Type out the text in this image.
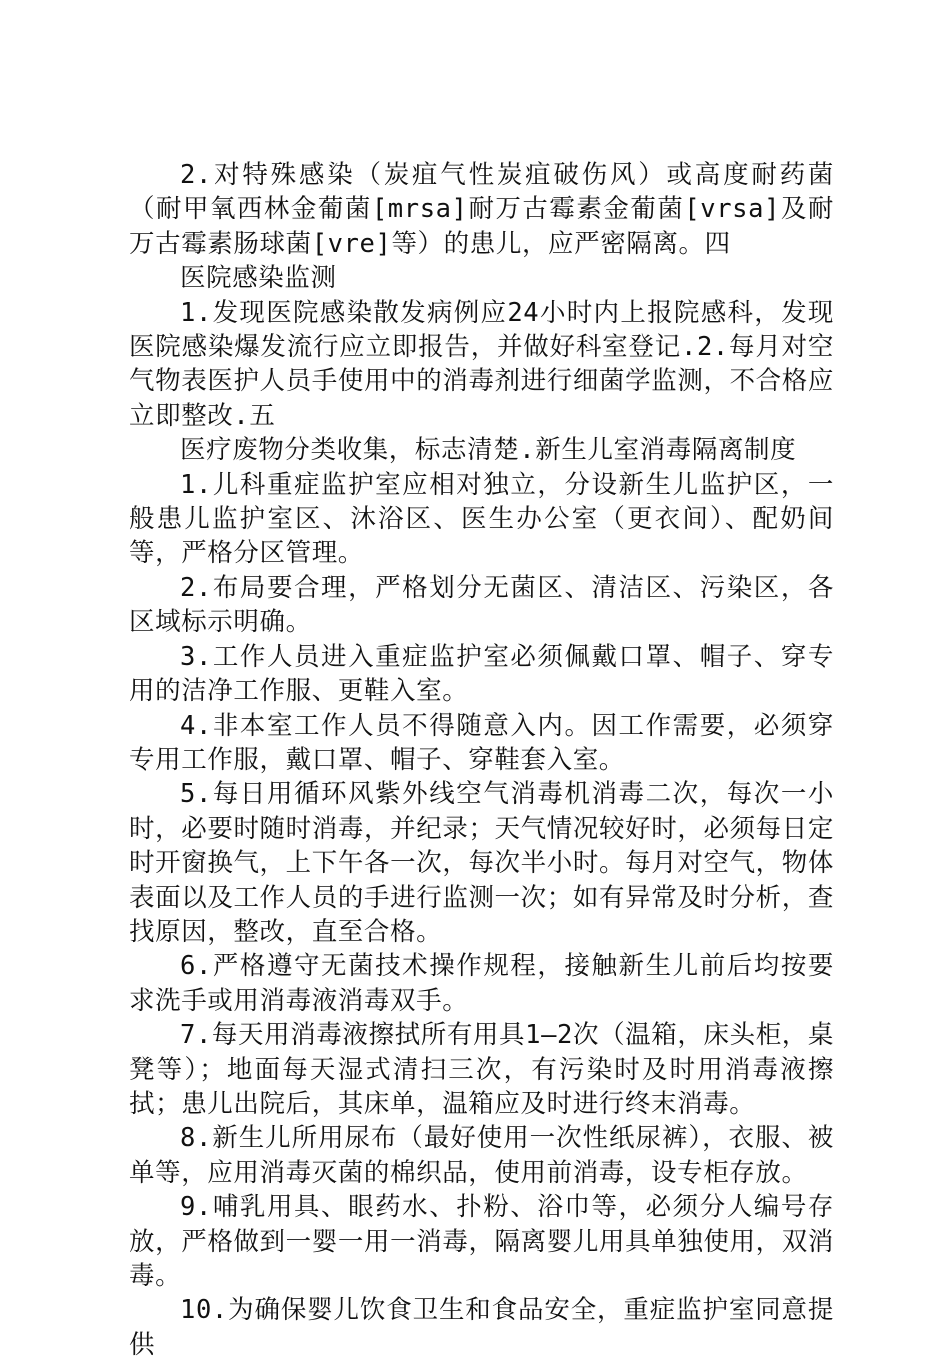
2.对特殊感染（炭疽气性炭疽破伤风）或高度耐药菌（耐甲氧西林金葡菌[mrsa]耐万古霉素金葡菌[vrsa]及耐万古霉素肠球菌[vre]等）的患儿，应严密隔离。四

医院感染监测

1.发现医院感染散发病例应24小时内上报院感科，发现医院感染爆发流行应立即报告，并做好科室登记.2.每月对空气物表医护人员手使用中的消毒剂进行细菌学监测，不合格应立即整改.五

医疗废物分类收集，标志清楚.新生儿室消毒隔离制度

1.儿科重症监护室应相对独立，分设新生儿监护区，一般患儿监护室区、沐浴区、医生办公室（更衣间）、配奶间等，严格分区管理。

2.布局要合理，严格划分无菌区、清洁区、污染区，各区域标示明确。

3.工作人员进入重症监护室必须佩戴口罩、帽子、穿专用的洁净工作服、更鞋入室。

4.非本室工作人员不得随意入内。因工作需要，必须穿专用工作服，戴口罩、帽子、穿鞋套入室。

5.每日用循环风紫外线空气消毒机消毒二次，每次一小时，必要时随时消毒，并纪录；天气情况较好时，必须每日定时开窗换气，上下午各一次，每次半小时。每月对空气，物体表面以及工作人员的手进行监测一次；如有异常及时分析，查找原因，整改，直至合格。

6.严格遵守无菌技术操作规程，接触新生儿前后均按要求洗手或用消毒液消毒双手。

7.每天用消毒液擦拭所有用具1—2次（温箱，床头柜，桌凳等）；地面每天湿式清扫三次，有污染时及时用消毒液擦拭；患儿出院后，其床单，温箱应及时进行终末消毒。

8.新生儿所用尿布（最好使用一次性纸尿裤），衣服、被单等，应用消毒灭菌的棉织品，使用前消毒，设专柜存放。

9.哺乳用具、眼药水、扑粉、浴巾等，必须分人编号存放，严格做到一婴一用一消毒，隔离婴儿用具单独使用，双消毒。

10.为确保婴儿饮食卫生和食品安全，重症监护室同意提供
